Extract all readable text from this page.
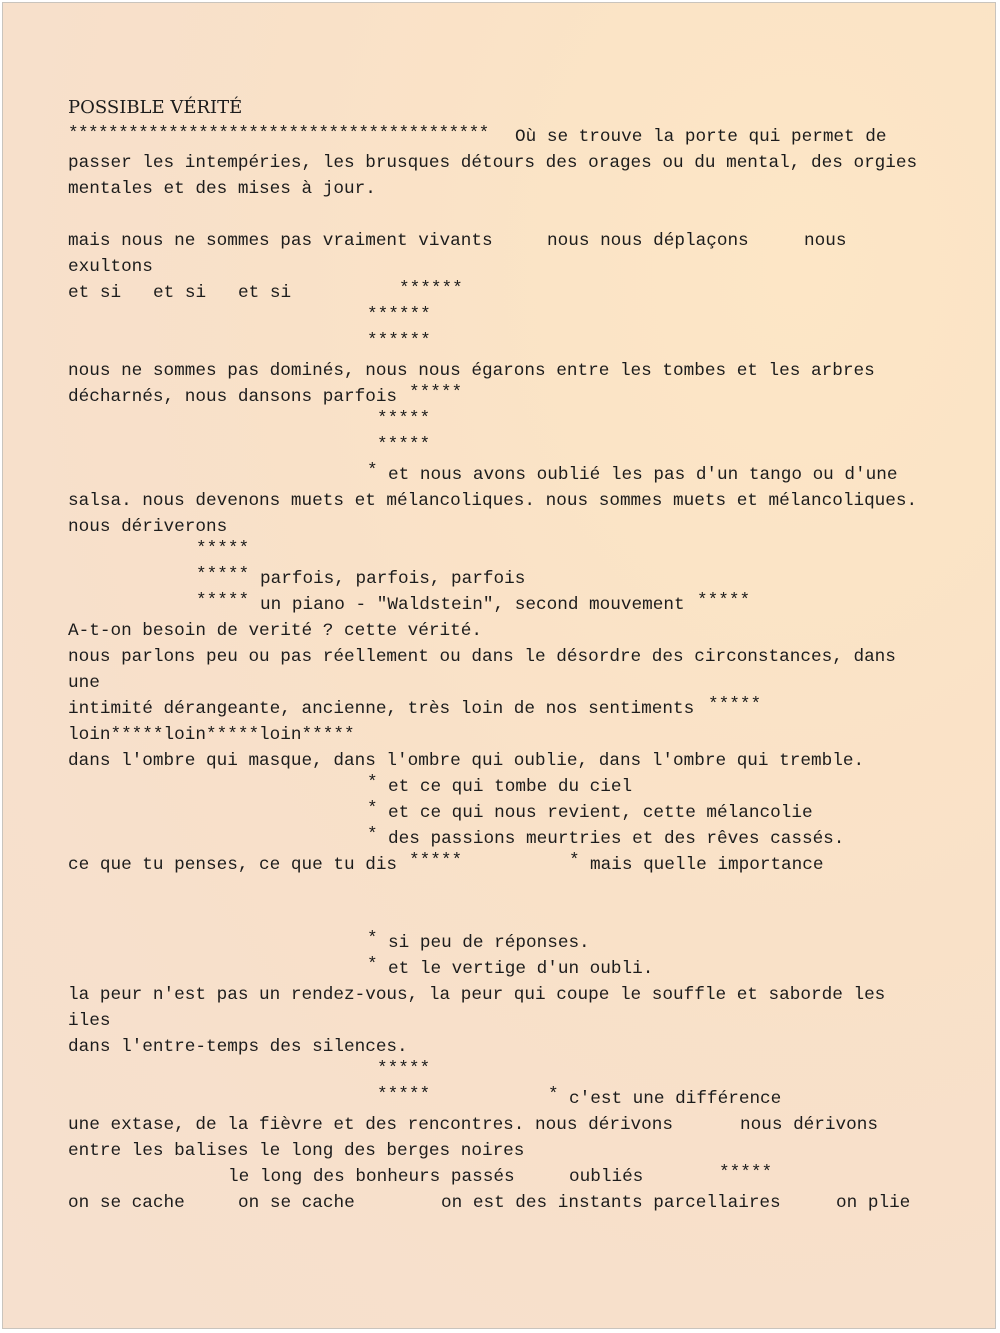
POSSIBLE VÉRITÉ
****************************************** Où se trouve la porte qui permet de
passer les intempéries, les brusques détours des orages ou du mental, des orgies
mentales et des mises à jour.
mais nous ne sommes pas vraiment vivants	nous nous déplaçons	nous
exultons
et si et si et si	******
******
******
nous ne sommes pas dominés, nous nous égarons entre les tombes et les arbres
décharnés, nous dansons parfois *****
*****
*****
* et nous avons oublié les pas d'un tango ou d'une
salsa. nous devenons muets et mélancoliques. nous sommes muets et mélancoliques.
nous dériverons
*****
***** parfois, parfois, parfois
***** un piano - "Waldstein", second mouvement *****
A-t-on besoin de verité ? cette vérité.
nous parlons peu ou pas réellement ou dans le désordre des circonstances, dans
une
intimité dérangeante, ancienne, très loin de nos sentiments *****
loin*****loin*****loin*****
dans l'ombre qui masque, dans l'ombre qui oublie, dans l'ombre qui tremble.
* et ce qui tombe du ciel
* et ce qui nous revient, cette mélancolie
* des passions meurtries et des rêves cassés.
ce que tu penses, ce que tu dis *****	* mais quelle importance
* si peu de réponses.
* et le vertige d'un oubli.
la peur n'est pas un rendez-vous, la peur qui coupe le souffle et saborde les
iles
dans l'entre-temps des silences.
*****
*****	* c'est une différence
une extase, de la fièvre et des rencontres. nous dérivons	nous dérivons
entre les balises le long des berges noires
le long des bonheurs passés	oubliés	*****
on se cache	on se cache	on est des instants parcellaires	on plie
